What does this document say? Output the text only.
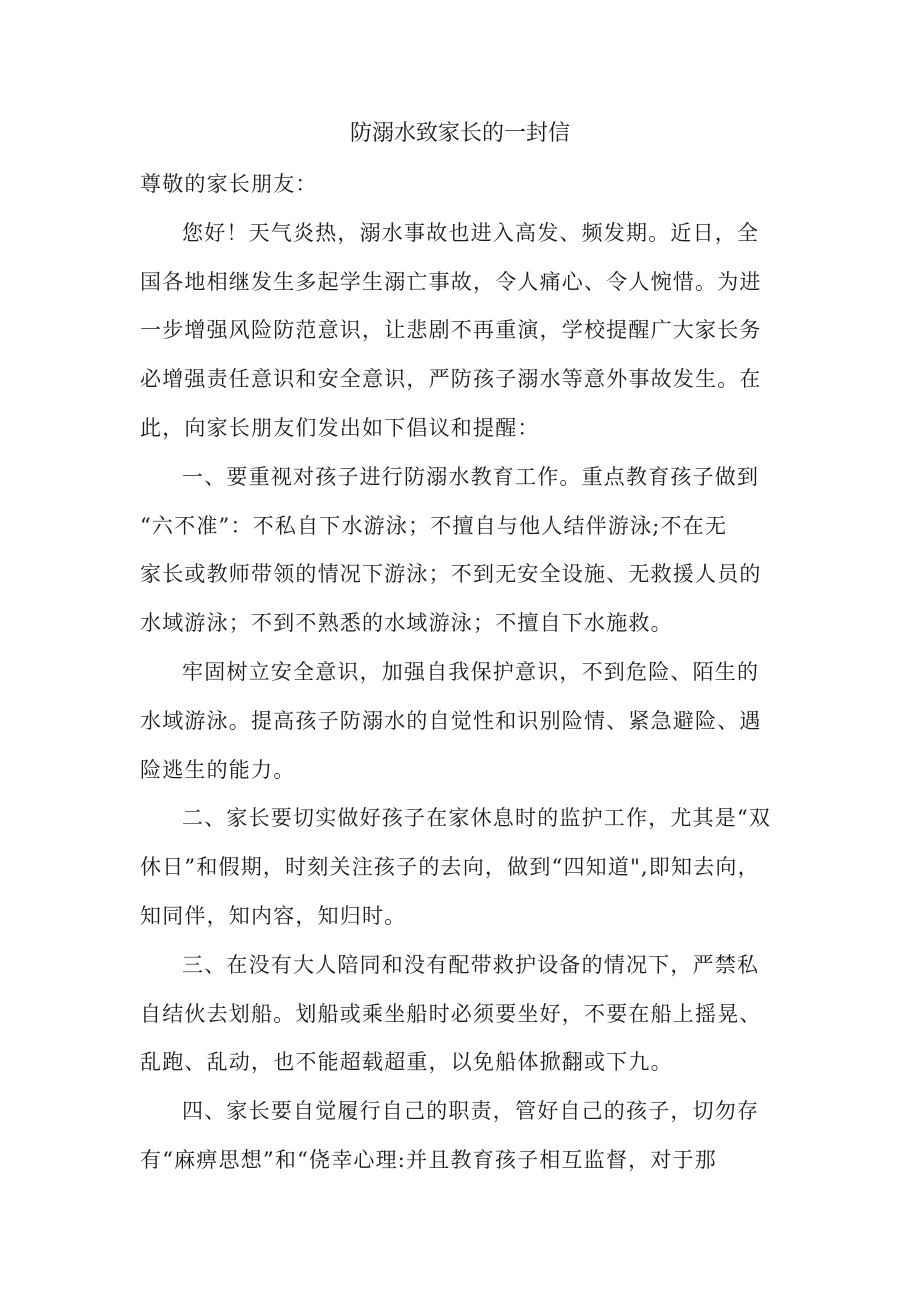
防溺水致家长的一封信

尊敬的家长朋友：

您好！天气炎热，溺水事故也进入高发、频发期。近日，全

国各地相继发生多起学生溺亡事故，令人痛心、令人惋惜。为进

一步增强风险防范意识，让悲剧不再重演，学校提醒广大家长务

必增强责任意识和安全意识，严防孩子溺水等意外事故发生。在

此，向家长朋友们发出如下倡议和提醒：

一、要重视对孩子进行防溺水教育工作。重点教育孩子做到

“六不准”：不私自下水游泳；不擅自与他人结伴游泳;不在无

家长或教师带领的情况下游泳；不到无安全设施、无救援人员的

水域游泳；不到不熟悉的水域游泳；不擅自下水施救。

牢固树立安全意识，加强自我保护意识，不到危险、陌生的

水域游泳。提高孩子防溺水的自觉性和识别险情、紧急避险、遇

险逃生的能力。

二、家长要切实做好孩子在家休息时的监护工作，尤其是“双

休日”和假期，时刻关注孩子的去向，做到“四知道",即知去向，

知同伴，知内容，知归时。

三、在没有大人陪同和没有配带救护设备的情况下，严禁私

自结伙去划船。划船或乘坐船时必须要坐好，不要在船上摇晃、

乱跑、乱动，也不能超载超重，以免船体掀翻或下九。

四、家长要自觉履行自己的职责，管好自己的孩子，切勿存

有“麻痹思想”和“侥幸心理:并且教育孩子相互监督，对于那
